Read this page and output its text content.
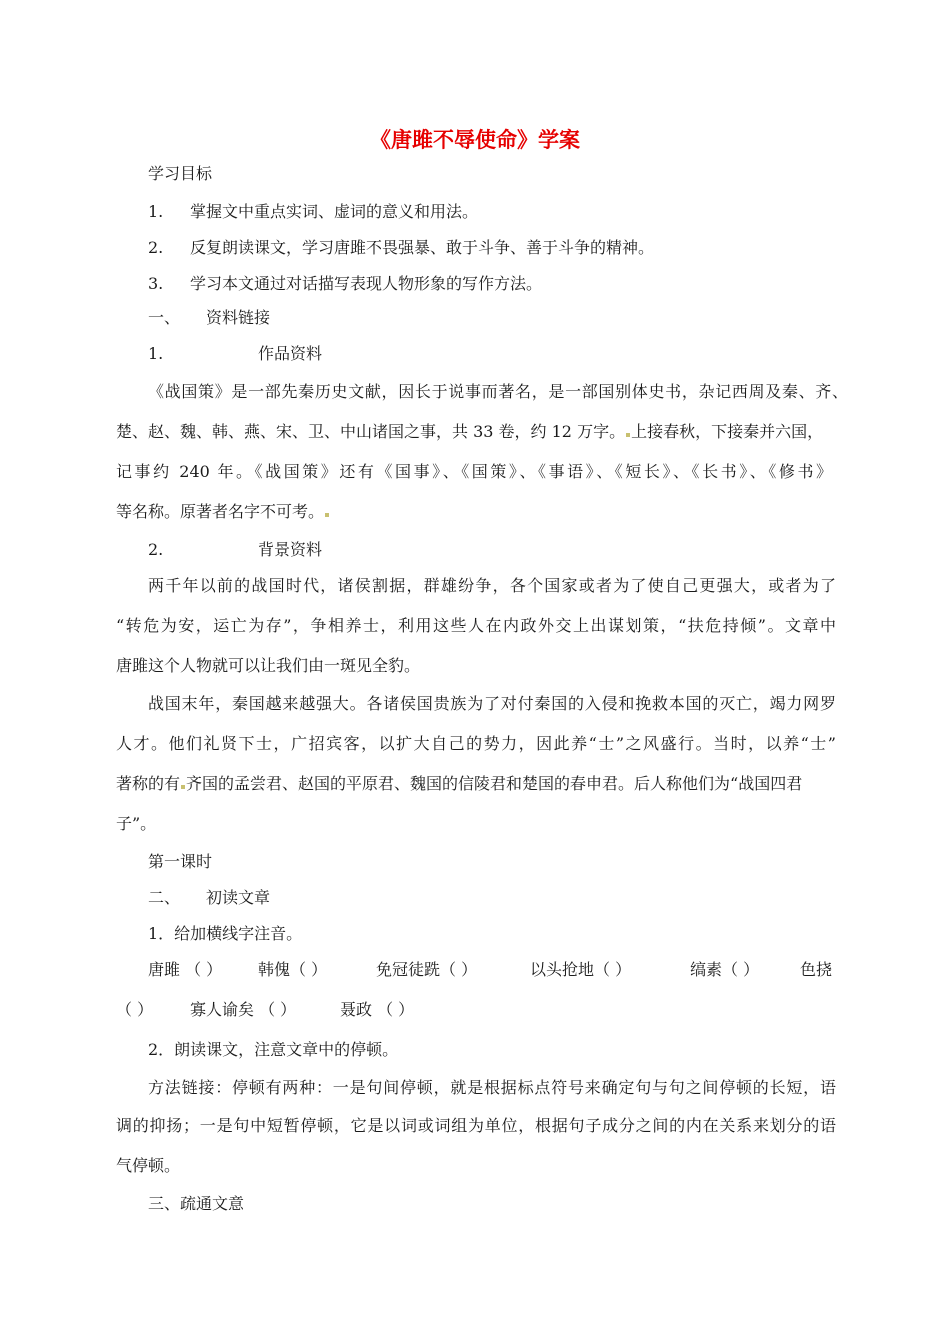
《唐雎不辱使命》学案

学习目标

1. 掌握文中重点实词、虚词的意义和用法。

2. 反复朗读课文，学习唐雎不畏强暴、敢于斗争、善于斗争的精神。

3. 学习本文通过对话描写表现人物形象的写作方法。

一、 资料链接

1.	作品资料

《战国策》是一部先秦历史文献，因长于说事而著名，是一部国别体史书，杂记西周及秦、齐、

楚、赵、魏、韩、燕、宋、卫、中山诸国之事，共 33 卷，约 12 万字。 上接春秋，下接秦并六国，

记事约 240 年。《战国策》还有《国事》、《国策》、《事语》、《短长》、《长书》、《修书》

等名称。原著者名字不可考。

2.	背景资料

两千年以前的战国时代，诸侯割据，群雄纷争，各个国家或者为了使自己更强大，或者为了

“转危为安，运亡为存”，争相养士，利用这些人在内政外交上出谋划策，“扶危持倾”。文章中

唐雎这个人物就可以让我们由一斑见全豹。

战国末年，秦国越来越强大。各诸侯国贵族为了对付秦国的入侵和挽救本国的灭亡，竭力网罗

人才。他们礼贤下士，广招宾客，以扩大自己的势力，因此养“士”之风盛行。当时，以养“士”

著称的有 齐国的孟尝君、赵国的平原君、魏国的信陵君和楚国的春申君。后人称他们为“战国四君

子”。

第一课时

二、 初读文章

1．给加横线字注音。

唐雎 （ ） 韩傀（ ）	免冠徒跣（ ）	以头抢地（ ）	缟素（ ）	色挠

（ ） 寡人谕矣 （ ）	聂政 （ ）

2．朗读课文，注意文章中的停顿。

方法链接：停顿有两种：一是句间停顿，就是根据标点符号来确定句与句之间停顿的长短，语

调的抑扬；一是句中短暂停顿，它是以词或词组为单位，根据句子成分之间的内在关系来划分的语

气停顿。

三、疏通文意
